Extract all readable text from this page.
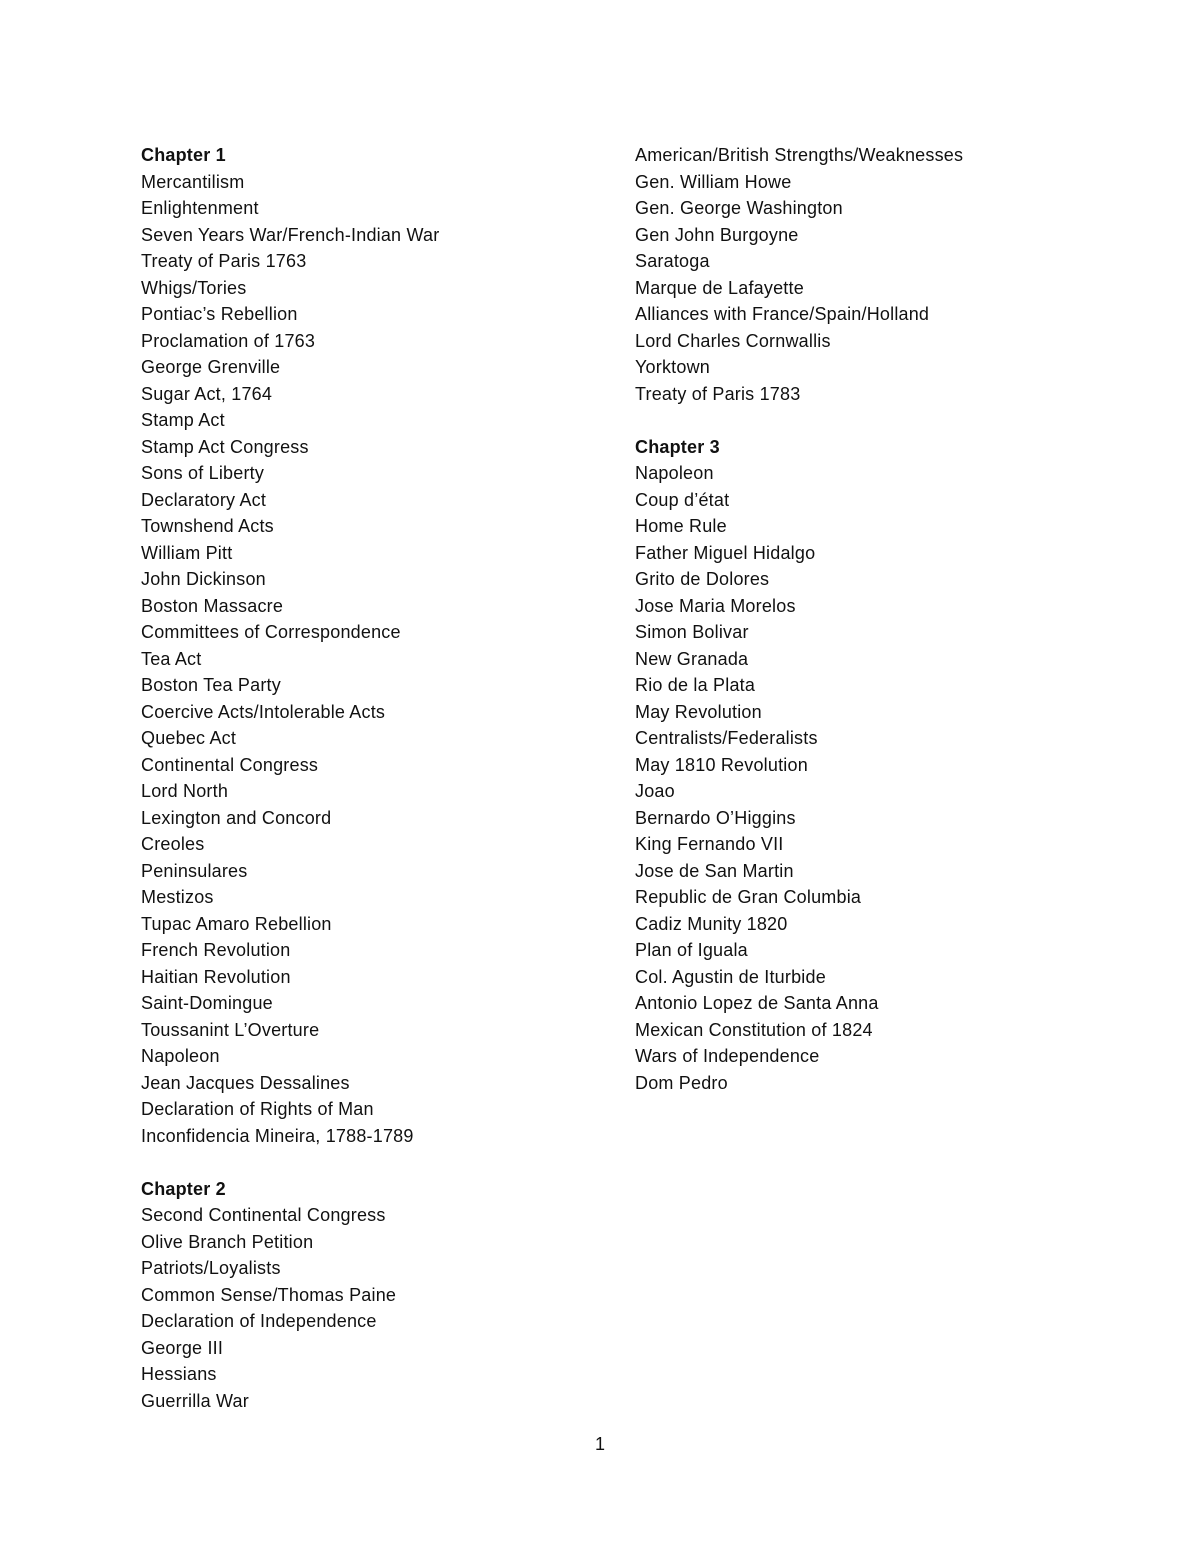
Chapter 1
Mercantilism
Enlightenment
Seven Years War/French-Indian War
Treaty of Paris 1763
Whigs/Tories
Pontiac’s Rebellion
Proclamation of 1763
George Grenville
Sugar Act, 1764
Stamp Act
Stamp Act Congress
Sons of Liberty
Declaratory Act
Townshend Acts
William Pitt
John Dickinson
Boston Massacre
Committees of Correspondence
Tea Act
Boston Tea Party
Coercive Acts/Intolerable Acts
Quebec Act
Continental Congress
Lord North
Lexington and Concord
Creoles
Peninsulares
Mestizos
Tupac Amaro Rebellion
French Revolution
Haitian Revolution
Saint-Domingue
Toussanint L’Overture
Napoleon
Jean Jacques Dessalines
Declaration of Rights of Man
Inconfidencia Mineira, 1788-1789
Chapter 2
Second Continental Congress
Olive Branch Petition
Patriots/Loyalists
Common Sense/Thomas Paine
Declaration of Independence
George III
Hessians
Guerrilla War
American/British Strengths/Weaknesses
Gen. William Howe
Gen. George Washington
Gen John Burgoyne
Saratoga
Marque de Lafayette
Alliances with France/Spain/Holland
Lord Charles Cornwallis
Yorktown
Treaty of Paris 1783
Chapter 3
Napoleon
Coup d’état
Home Rule
Father Miguel Hidalgo
Grito de Dolores
Jose Maria Morelos
Simon Bolivar
New Granada
Rio de la Plata
May Revolution
Centralists/Federalists
May 1810 Revolution
Joao
Bernardo O’Higgins
King Fernando VII
Jose de San Martin
Republic de Gran Columbia
Cadiz Munity 1820
Plan of Iguala
Col. Agustin de Iturbide
Antonio Lopez de Santa Anna
Mexican Constitution of 1824
Wars of Independence
Dom Pedro
1
